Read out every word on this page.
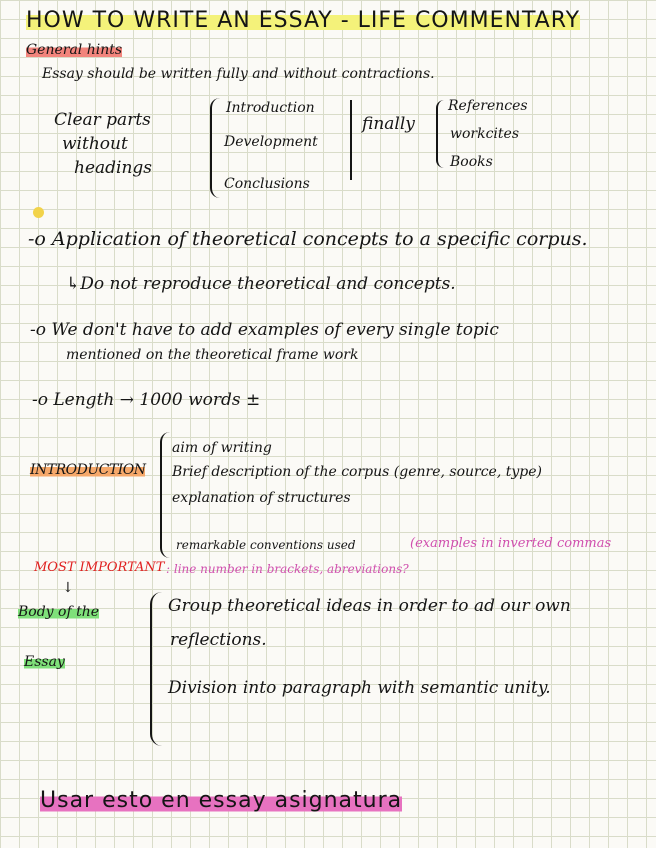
HOW TO WRITE AN ESSAY - LIFE COMMENTARY
General hints
Essay should be written fully and without contractions.
Clear parts
without
headings
Introduction
Development
Conclusions
finally
References
workcites
Books
-o Application of theoretical concepts to a specific corpus.
↳Do not reproduce theoretical and concepts.
-o We don't have to add examples of every single topic
mentioned on the theoretical frame work
-o Length → 1000 words ±
INTRODUCTION
aim of writing
Brief description of the corpus (genre, source, type)
explanation of structures
remarkable conventions used	(examples in inverted commas
MOST IMPORTANT : line number in brackets, abreviations?
↓
Body of the
Essay
Group theoretical ideas in order to ad our own
reflections.
Division into paragraph with semantic unity.
Usar esto en essay asignatura
